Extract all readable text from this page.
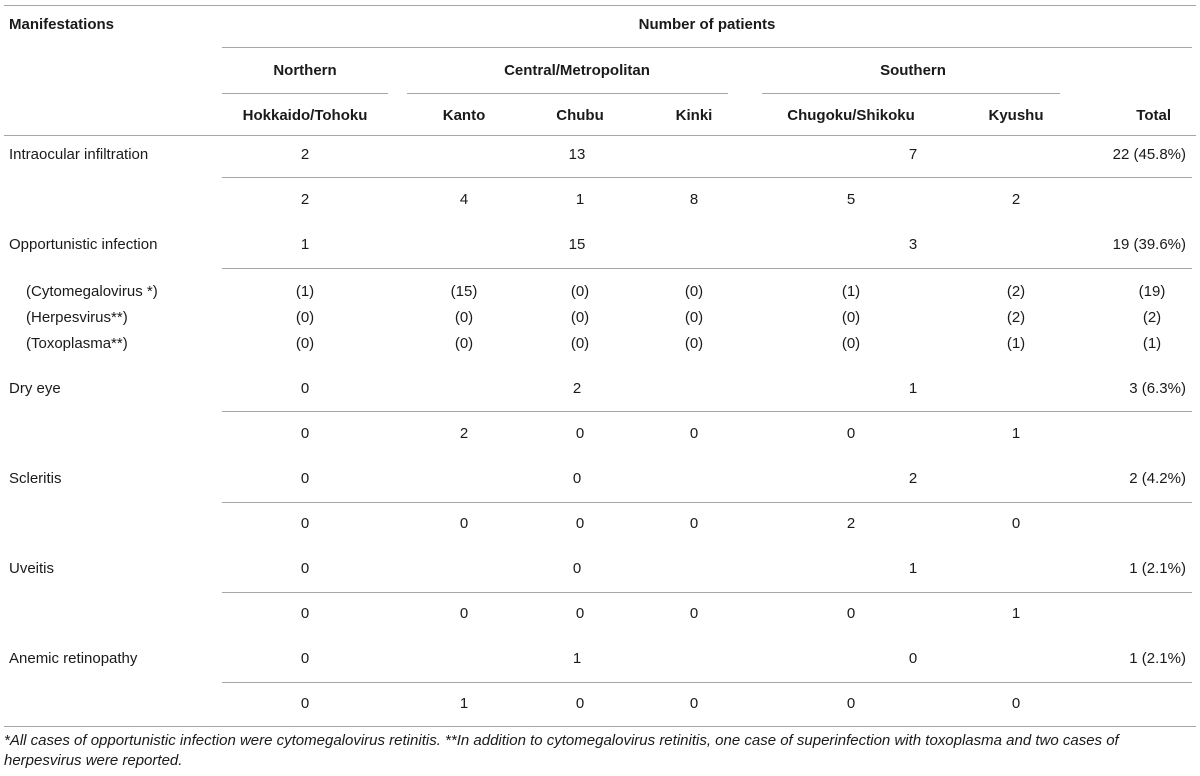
Manifestations	Number of patients
Northern	Central/Metropolitan	Southern
Hokkaido/Tohoku	Kanto	Chubu	Kinki	Chugoku/Shikoku	Kyushu	Total
Intraocular infiltration	2	13	7	22 (45.8%)
2	4	1	8	5	2
Opportunistic infection	1	15	3	19 (39.6%)
(Cytomegalovirus *)	(1)	(15)	(0)	(0)	(1)	(2)	(19)
(Herpesvirus**)	(0)	(0)	(0)	(0)	(0)	(2)	(2)
(Toxoplasma**)	(0)	(0)	(0)	(0)	(0)	(1)	(1)
Dry eye	0	2	1	3 (6.3%)
0	2	0	0	0	1
Scleritis	0	0	2	2 (4.2%)
0	0	0	0	2	0
Uveitis	0	0	1	1 (2.1%)
0	0	0	0	0	1
Anemic retinopathy	0	1	0	1 (2.1%)
0	1	0	0	0	0
*All cases of opportunistic infection were cytomegalovirus retinitis. **In addition to cytomegalovirus retinitis, one case of superinfection with toxoplasma and two cases of herpesvirus were reported.
